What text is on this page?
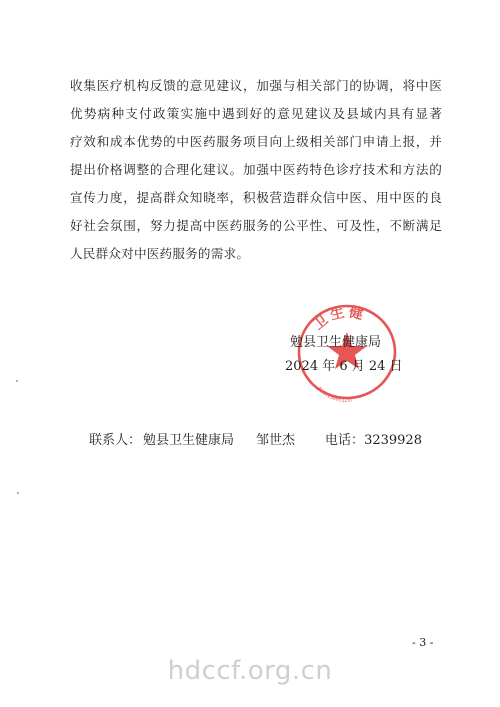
收集医疗机构反馈的意见建议，加强与相关部门的协调，将中医
优势病种支付政策实施中遇到好的意见建议及县域内具有显著
疗效和成本优势的中医药服务项目向上级相关部门申请上报，并
提出价格调整的合理化建议。加强中医药特色诊疗技术和方法的
宣传力度，提高群众知晓率，积极营造群众信中医、用中医的良
好社会氛围，努力提高中医药服务的公平性、可及性，不断满足
人民群众对中医药服务的需求。
卫生健
6107250051237
勉县卫生健康局
2024 年 6 月 24 日
联系人： 勉县卫生健康局 邹世杰 电话：3239928
- 3 -
hdccf.org.cn
